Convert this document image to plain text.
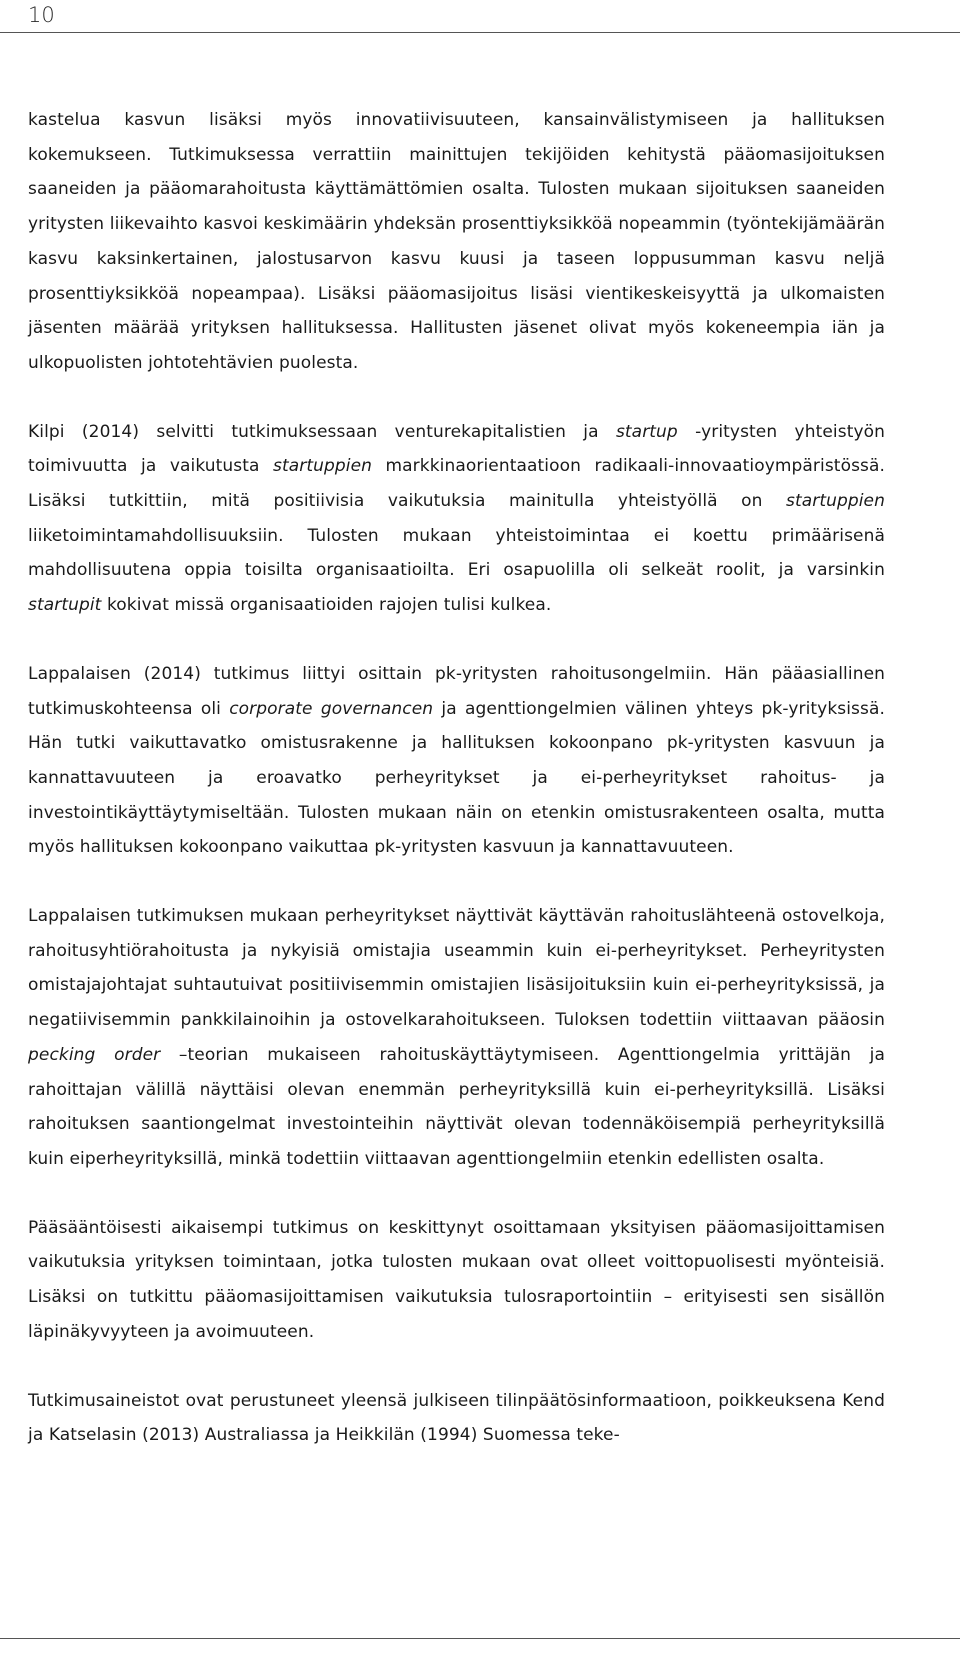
10

kastelua kasvun lisäksi myös innovatiivisuuteen, kansainvälistymiseen ja hallituksen kokemukseen. Tutkimuksessa verrattiin mainittujen tekijöiden kehitystä pääomasijoituksen saaneiden ja pääomarahoitusta käyttämättömien osalta. Tulosten mukaan sijoituksen saaneiden yritysten liikevaihto kasvoi keskimäärin yhdeksän prosenttiyksikköä nopeammin (työntekijämäärän kasvu kaksinkertainen, jalostusarvon kasvu kuusi ja taseen loppusumman kasvu neljä prosenttiyksikköä nopeampaa). Lisäksi pääomasijoitus lisäsi vientikeskeisyyttä ja ulkomaisten jäsenten määrää yrityksen hallituksessa. Hallitusten jäsenet olivat myös kokeneempia iän ja ulkopuolisten johtotehtävien puolesta.

Kilpi (2014) selvitti tutkimuksessaan venturekapitalistien ja startup -yritysten yhteistyön toimivuutta ja vaikutusta startuppien markkinaorientaatioon radikaali-innovaatioympäristössä. Lisäksi tutkittiin, mitä positiivisia vaikutuksia mainitulla yhteistyöllä on startuppien liiketoimintamahdollisuuksiin. Tulosten mukaan yhteistoimintaa ei koettu primäärisenä mahdollisuutena oppia toisilta organisaatioilta. Eri osapuolilla oli selkeät roolit, ja varsinkin startupit kokivat missä organisaatioiden rajojen tulisi kulkea.

Lappalaisen (2014) tutkimus liittyi osittain pk-yritysten rahoitusongelmiin. Hän pääasiallinen tutkimuskohteensa oli corporate governancen ja agenttiongelmien välinen yhteys pk-yrityksissä. Hän tutki vaikuttavatko omistusrakenne ja hallituksen kokoonpano pk-yritysten kasvuun ja kannattavuuteen ja eroavatko perheyritykset ja ei-perheyritykset rahoitus- ja investointikäyttäytymiseltään. Tulosten mukaan näin on etenkin omistusrakenteen osalta, mutta myös hallituksen kokoonpano vaikuttaa pk-yritysten kasvuun ja kannattavuuteen.

Lappalaisen tutkimuksen mukaan perheyritykset näyttivät käyttävän rahoituslähteenä ostovelkoja, rahoitusyhtiörahoitusta ja nykyisiä omistajia useammin kuin ei-perheyritykset. Perheyritysten omistajajohtajat suhtautuivat positiivisemmin omistajien lisäsijoituksiin kuin ei-perheyrityksissä, ja negatiivisemmin pankkilainoihin ja ostovelkarahoitukseen. Tuloksen todettiin viittaavan pääosin pecking order –teorian mukaiseen rahoituskäyttäytymiseen. Agenttiongelmia yrittäjän ja rahoittajan välillä näyttäisi olevan enemmän perheyrityksillä kuin ei-perheyrityksillä. Lisäksi rahoituksen saantiongelmat investointeihin näyttivät olevan todennäköisempiä perheyrityksillä kuin eiperheyrityksillä, minkä todettiin viittaavan agenttiongelmiin etenkin edellisten osalta.

Pääsääntöisesti aikaisempi tutkimus on keskittynyt osoittamaan yksityisen pääomasijoittamisen vaikutuksia yrityksen toimintaan, jotka tulosten mukaan ovat olleet voittopuolisesti myönteisiä. Lisäksi on tutkittu pääomasijoittamisen vaikutuksia tulosraportointiin – erityisesti sen sisällön läpinäkyvyyteen ja avoimuuteen.

Tutkimusaineistot ovat perustuneet yleensä julkiseen tilinpäätösinformaatioon, poikkeuksena Kend ja Katselasin (2013) Australiassa ja Heikkilän (1994) Suomessa teke-
